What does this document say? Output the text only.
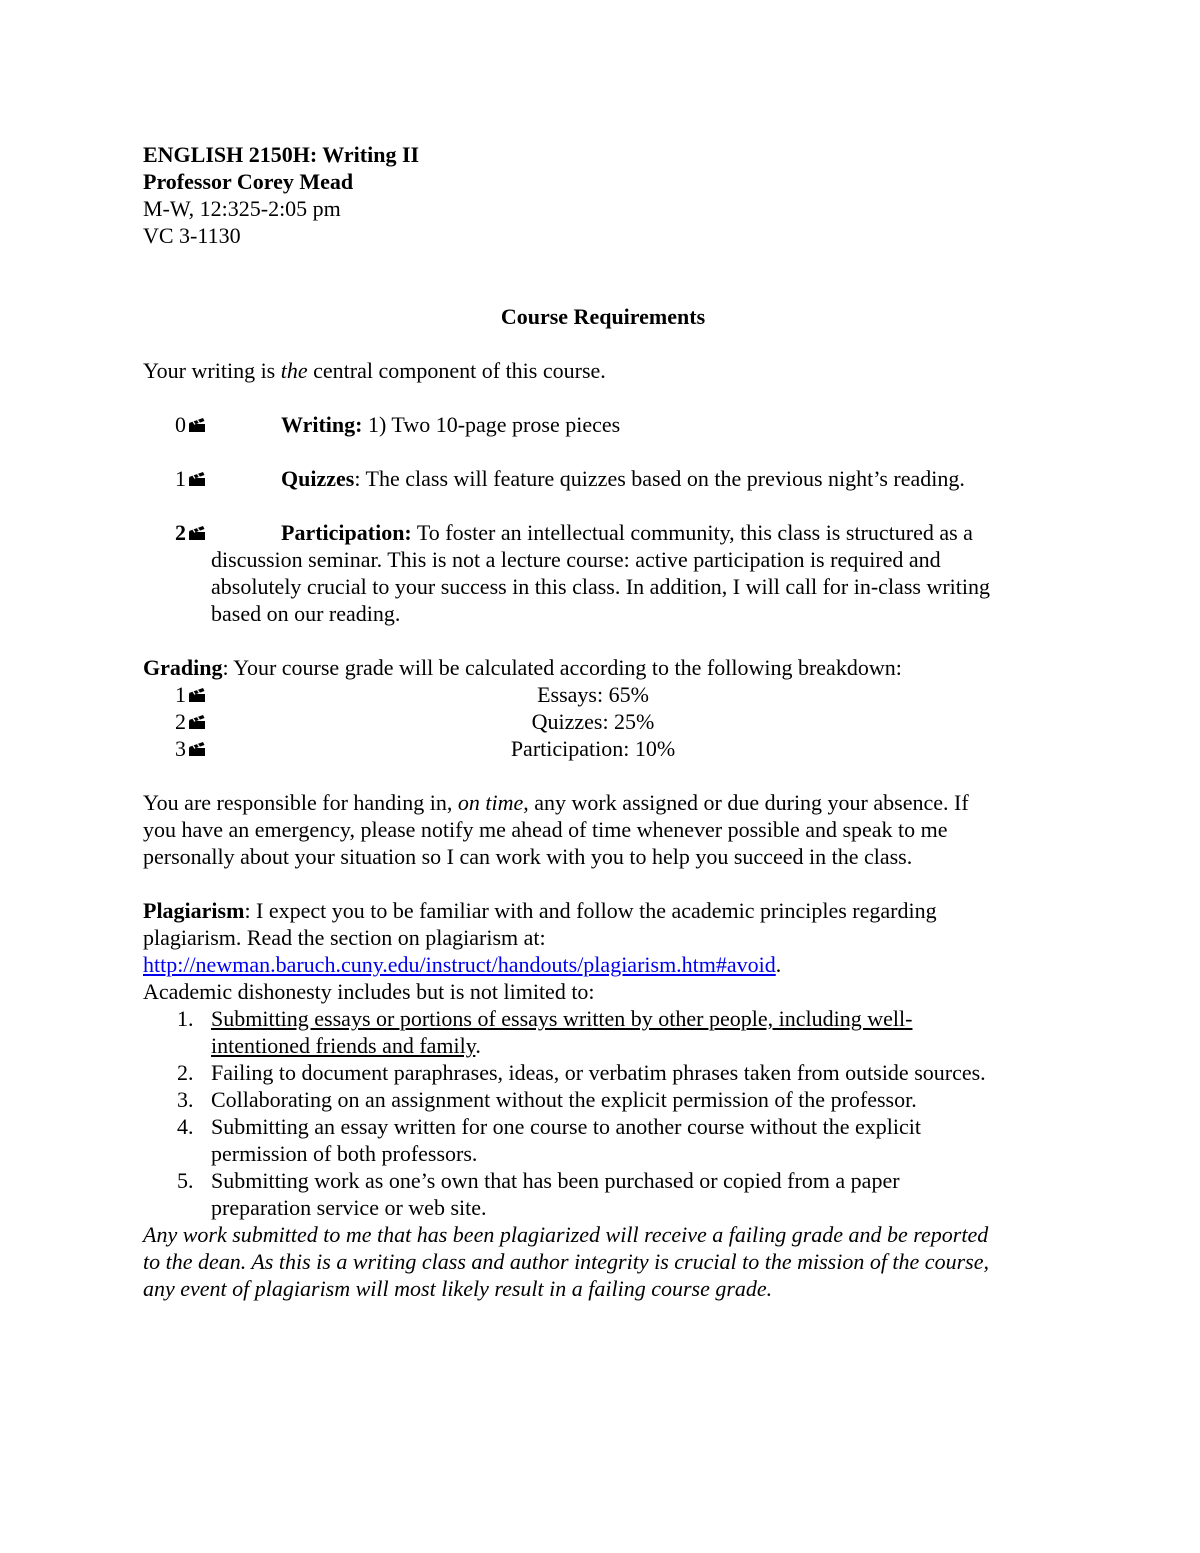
ENGLISH 2150H: Writing II
Professor Corey Mead
M-W, 12:325-2:05 pm
VC 3-1130
Course Requirements
Your writing is the central component of this course.
0	Writing: 1) Two 10-page prose pieces
1	Quizzes: The class will feature quizzes based on the previous night’s reading.
2	Participation: To foster an intellectual community, this class is structured as a
discussion seminar. This is not a lecture course: active participation is required and
absolutely crucial to your success in this class. In addition, I will call for in-class writing
based on our reading.
Grading: Your course grade will be calculated according to the following breakdown:
1	Essays: 65%
2	Quizzes: 25%
3	Participation: 10%
You are responsible for handing in, on time, any work assigned or due during your absence. If
you have an emergency, please notify me ahead of time whenever possible and speak to me
personally about your situation so I can work with you to help you succeed in the class.
Plagiarism: I expect you to be familiar with and follow the academic principles regarding
plagiarism. Read the section on plagiarism at:
http://newman.baruch.cuny.edu/instruct/handouts/plagiarism.htm#avoid.
Academic dishonesty includes but is not limited to:
1. Submitting essays or portions of essays written by other people, including well-
intentioned friends and family.
2. Failing to document paraphrases, ideas, or verbatim phrases taken from outside sources.
3. Collaborating on an assignment without the explicit permission of the professor.
4. Submitting an essay written for one course to another course without the explicit
permission of both professors.
5. Submitting work as one’s own that has been purchased or copied from a paper
preparation service or web site.
Any work submitted to me that has been plagiarized will receive a failing grade and be reported
to the dean. As this is a writing class and author integrity is crucial to the mission of the course,
any event of plagiarism will most likely result in a failing course grade.
